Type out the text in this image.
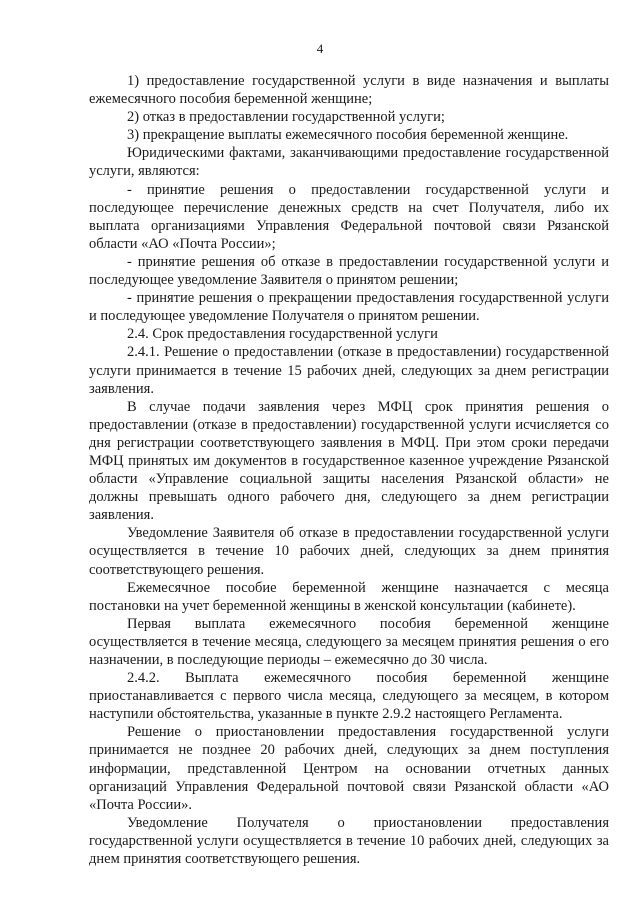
4

1) предоставление государственной услуги в виде назначения и выплаты ежемесячного пособия беременной женщине;

2) отказ в предоставлении государственной услуги;

3) прекращение выплаты ежемесячного пособия беременной женщине.

Юридическими фактами, заканчивающими предоставление государственной услуги, являются:

- принятие решения о предоставлении государственной услуги и последующее перечисление денежных средств на счет Получателя, либо их выплата организациями Управления Федеральной почтовой связи Рязанской области «АО «Почта России»;

- принятие решения об отказе в предоставлении государственной услуги и последующее уведомление Заявителя о принятом решении;

- принятие решения о прекращении предоставления государственной услуги и последующее уведомление Получателя о принятом решении.

2.4. Срок предоставления государственной услуги

2.4.1. Решение о предоставлении (отказе в предоставлении) государственной услуги принимается в течение 15 рабочих дней, следующих за днем регистрации заявления.

В случае подачи заявления через МФЦ срок принятия решения о предоставлении (отказе в предоставлении) государственной услуги исчисляется со дня регистрации соответствующего заявления в МФЦ. При этом сроки передачи МФЦ принятых им документов в государственное казенное учреждение Рязанской области «Управление социальной защиты населения Рязанской области» не должны превышать одного рабочего дня, следующего за днем регистрации заявления.

Уведомление Заявителя об отказе в предоставлении государственной услуги осуществляется в течение 10 рабочих дней, следующих за днем принятия соответствующего решения.

Ежемесячное пособие беременной женщине назначается с месяца постановки на учет беременной женщины в женской консультации (кабинете).

Первая выплата ежемесячного пособия беременной женщине осуществляется в течение месяца, следующего за месяцем принятия решения о его назначении, в последующие периоды – ежемесячно до 30 числа.

2.4.2. Выплата ежемесячного пособия беременной женщине приостанавливается с первого числа месяца, следующего за месяцем, в котором наступили обстоятельства, указанные в пункте 2.9.2 настоящего Регламента.

Решение о приостановлении предоставления государственной услуги принимается не позднее 20 рабочих дней, следующих за днем поступления информации, представленной Центром на основании отчетных данных организаций Управления Федеральной почтовой связи Рязанской области «АО «Почта России».

Уведомление Получателя о приостановлении предоставления государственной услуги осуществляется в течение 10 рабочих дней, следующих за днем принятия соответствующего решения.
